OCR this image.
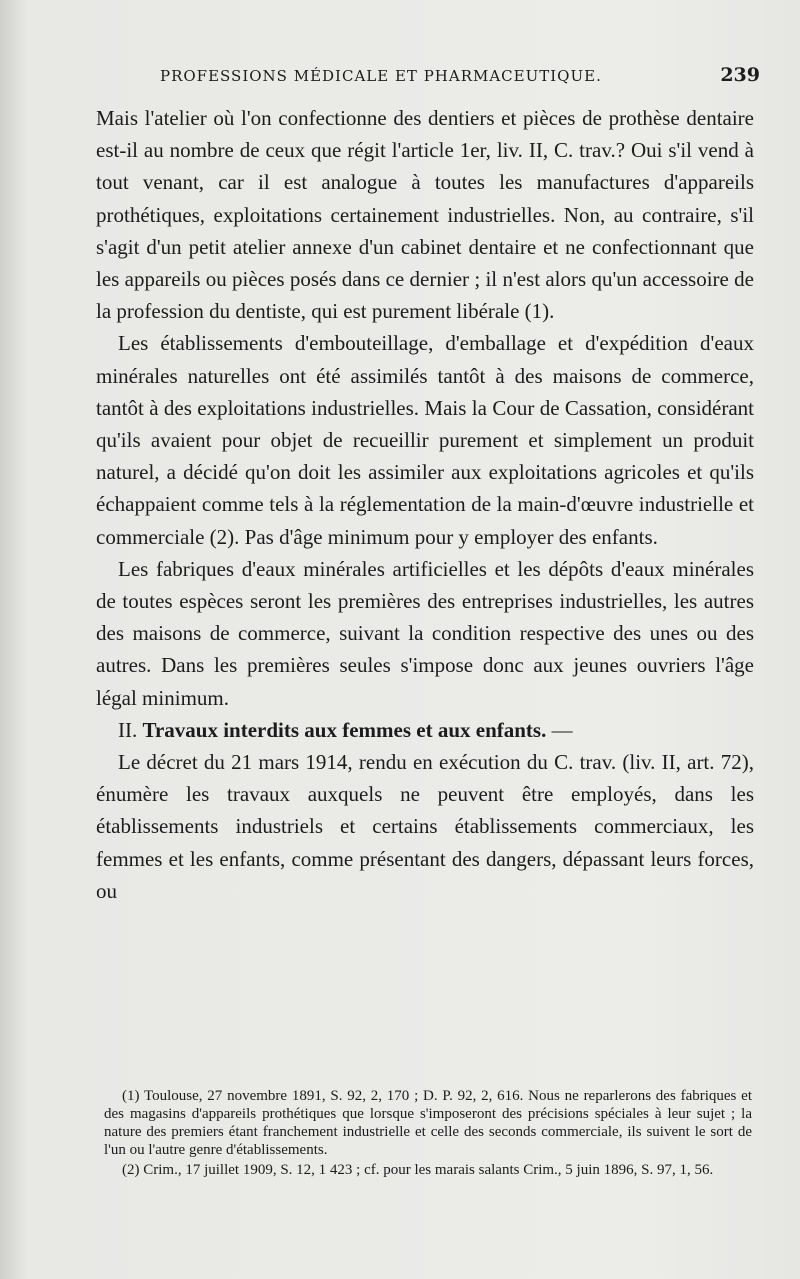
PROFESSIONS MÉDICALE ET PHARMACEUTIQUE.	239

Mais l'atelier où l'on confectionne des dentiers et pièces de prothèse dentaire est-il au nombre de ceux que régit l'article 1er, liv. II, C. trav.? Oui s'il vend à tout venant, car il est analogue à toutes les manufactures d'appareils prothétiques, exploitations certainement industrielles. Non, au contraire, s'il s'agit d'un petit atelier annexe d'un cabinet dentaire et ne confectionnant que les appareils ou pièces posés dans ce dernier ; il n'est alors qu'un accessoire de la profession du dentiste, qui est purement libérale (1).

Les établissements d'embouteillage, d'emballage et d'expédition d'eaux minérales naturelles ont été assimilés tantôt à des maisons de commerce, tantôt à des exploitations industrielles. Mais la Cour de Cassation, considérant qu'ils avaient pour objet de recueillir purement et simplement un produit naturel, a décidé qu'on doit les assimiler aux exploitations agricoles et qu'ils échappaient comme tels à la réglementation de la main-d'œuvre industrielle et commerciale (2). Pas d'âge minimum pour y employer des enfants.

Les fabriques d'eaux minérales artificielles et les dépôts d'eaux minérales de toutes espèces seront les premières des entreprises industrielles, les autres des maisons de commerce, suivant la condition respective des unes ou des autres. Dans les premières seules s'impose donc aux jeunes ouvriers l'âge légal minimum.

II. Travaux interdits aux femmes et aux enfants. —

Le décret du 21 mars 1914, rendu en exécution du C. trav. (liv. II, art. 72), énumère les travaux auxquels ne peuvent être employés, dans les établissements industriels et certains établissements commerciaux, les femmes et les enfants, comme présentant des dangers, dépassant leurs forces, ou

(1) Toulouse, 27 novembre 1891, S. 92, 2, 170 ; D. P. 92, 2, 616. Nous ne reparlerons des fabriques et des magasins d'appareils prothétiques que lorsque s'imposeront des précisions spéciales à leur sujet ; la nature des premiers étant franchement industrielle et celle des seconds commerciale, ils suivent le sort de l'un ou l'autre genre d'établissements.

(2) Crim., 17 juillet 1909, S. 12, 1 423 ; cf. pour les marais salants Crim., 5 juin 1896, S. 97, 1, 56.
